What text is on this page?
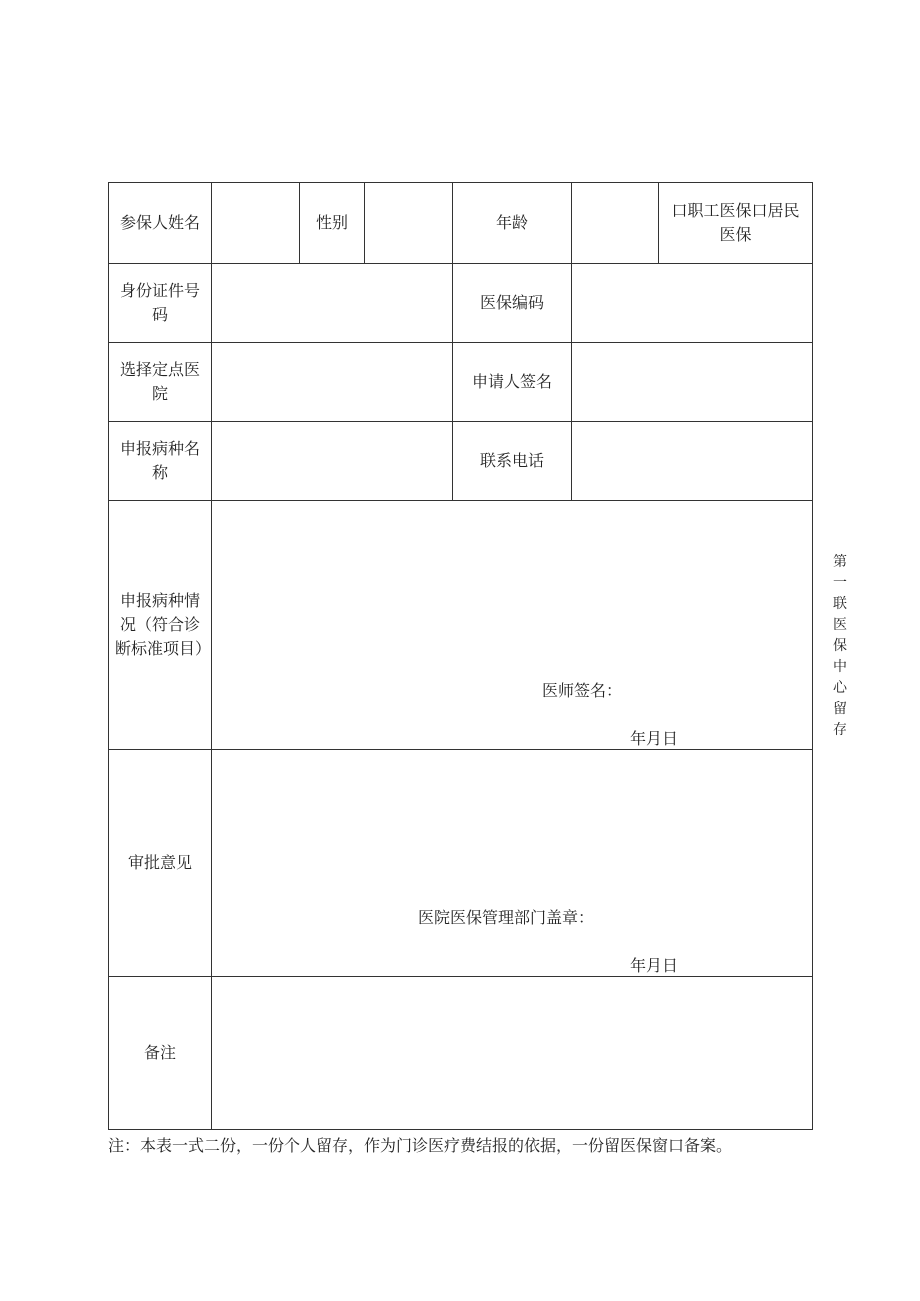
参保人姓名		性别		年龄		口职工医保口居民医保
身份证件号码				医保编码		
选择定点医院				申请人签名		
申报病种名称				联系电话		
申报病种情况（符合诊断标准项目）	医师签名：
年月日					

审批意见	医院医保管理部门盖章：
年月日					

备注						
注：本表一式二份，一份个人留存，作为门诊医疗费结报的依据，一份留医保窗口备案。
第
一
联
医
保
中
心
留
存
